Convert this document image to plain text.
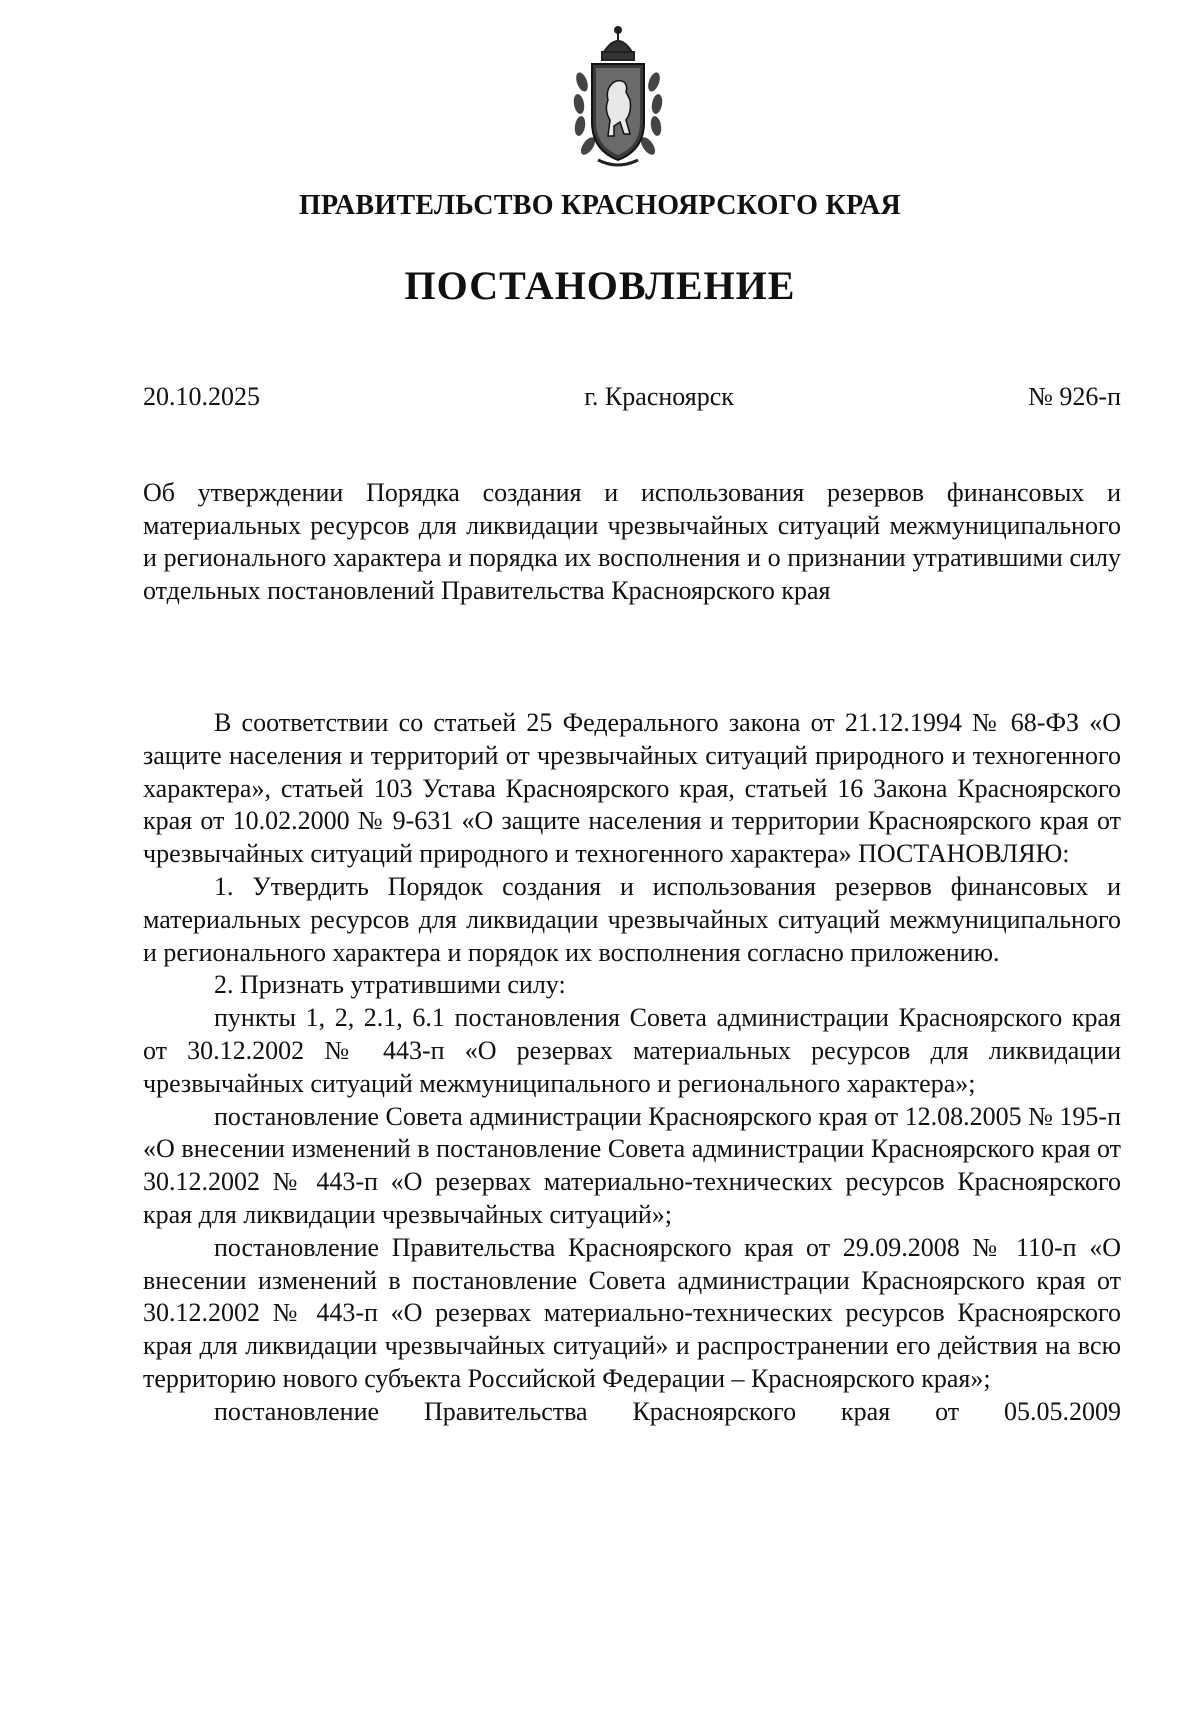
ПРАВИТЕЛЬСТВО КРАСНОЯРСКОГО КРАЯ
ПОСТАНОВЛЕНИЕ
20.10.2025	г. Красноярск	№ 926-п
Об утверждении Порядка создания и использования резервов финансовых и материальных ресурсов для ликвидации чрезвычайных ситуаций межмуниципального и регионального характера и порядка их восполнения и о признании утратившими силу отдельных постановлений Правительства Красноярского края

В соответствии со статьей 25 Федерального закона от 21.12.1994 № 68-ФЗ «О защите населения и территорий от чрезвычайных ситуаций природного и техногенного характера», статьей 103 Устава Красноярского края, статьей 16 Закона Красноярского края от 10.02.2000 № 9-631 «О защите населения и территории Красноярского края от чрезвычайных ситуаций природного и техногенного характера» ПОСТАНОВЛЯЮ:

1. Утвердить Порядок создания и использования резервов финансовых и материальных ресурсов для ликвидации чрезвычайных ситуаций межмуниципального и регионального характера и порядок их восполнения согласно приложению.

2. Признать утратившими силу:

пункты 1, 2, 2.1, 6.1 постановления Совета администрации Красноярского края от 30.12.2002 № 443-п «О резервах материальных ресурсов для ликвидации чрезвычайных ситуаций межмуниципального и регионального характера»;

постановление Совета администрации Красноярского края от 12.08.2005 № 195-п «О внесении изменений в постановление Совета администрации Красноярского края от 30.12.2002 № 443-п «О резервах материально-технических ресурсов Красноярского края для ликвидации чрезвычайных ситуаций»;

постановление Правительства Красноярского края от 29.09.2008 № 110-п «О внесении изменений в постановление Совета администрации Красноярского края от 30.12.2002 № 443-п «О резервах материально-технических ресурсов Красноярского края для ликвидации чрезвычайных ситуаций» и распространении его действия на всю территорию нового субъекта Российской Федерации – Красноярского края»;

постановление Правительства Красноярского края от 05.05.2009
